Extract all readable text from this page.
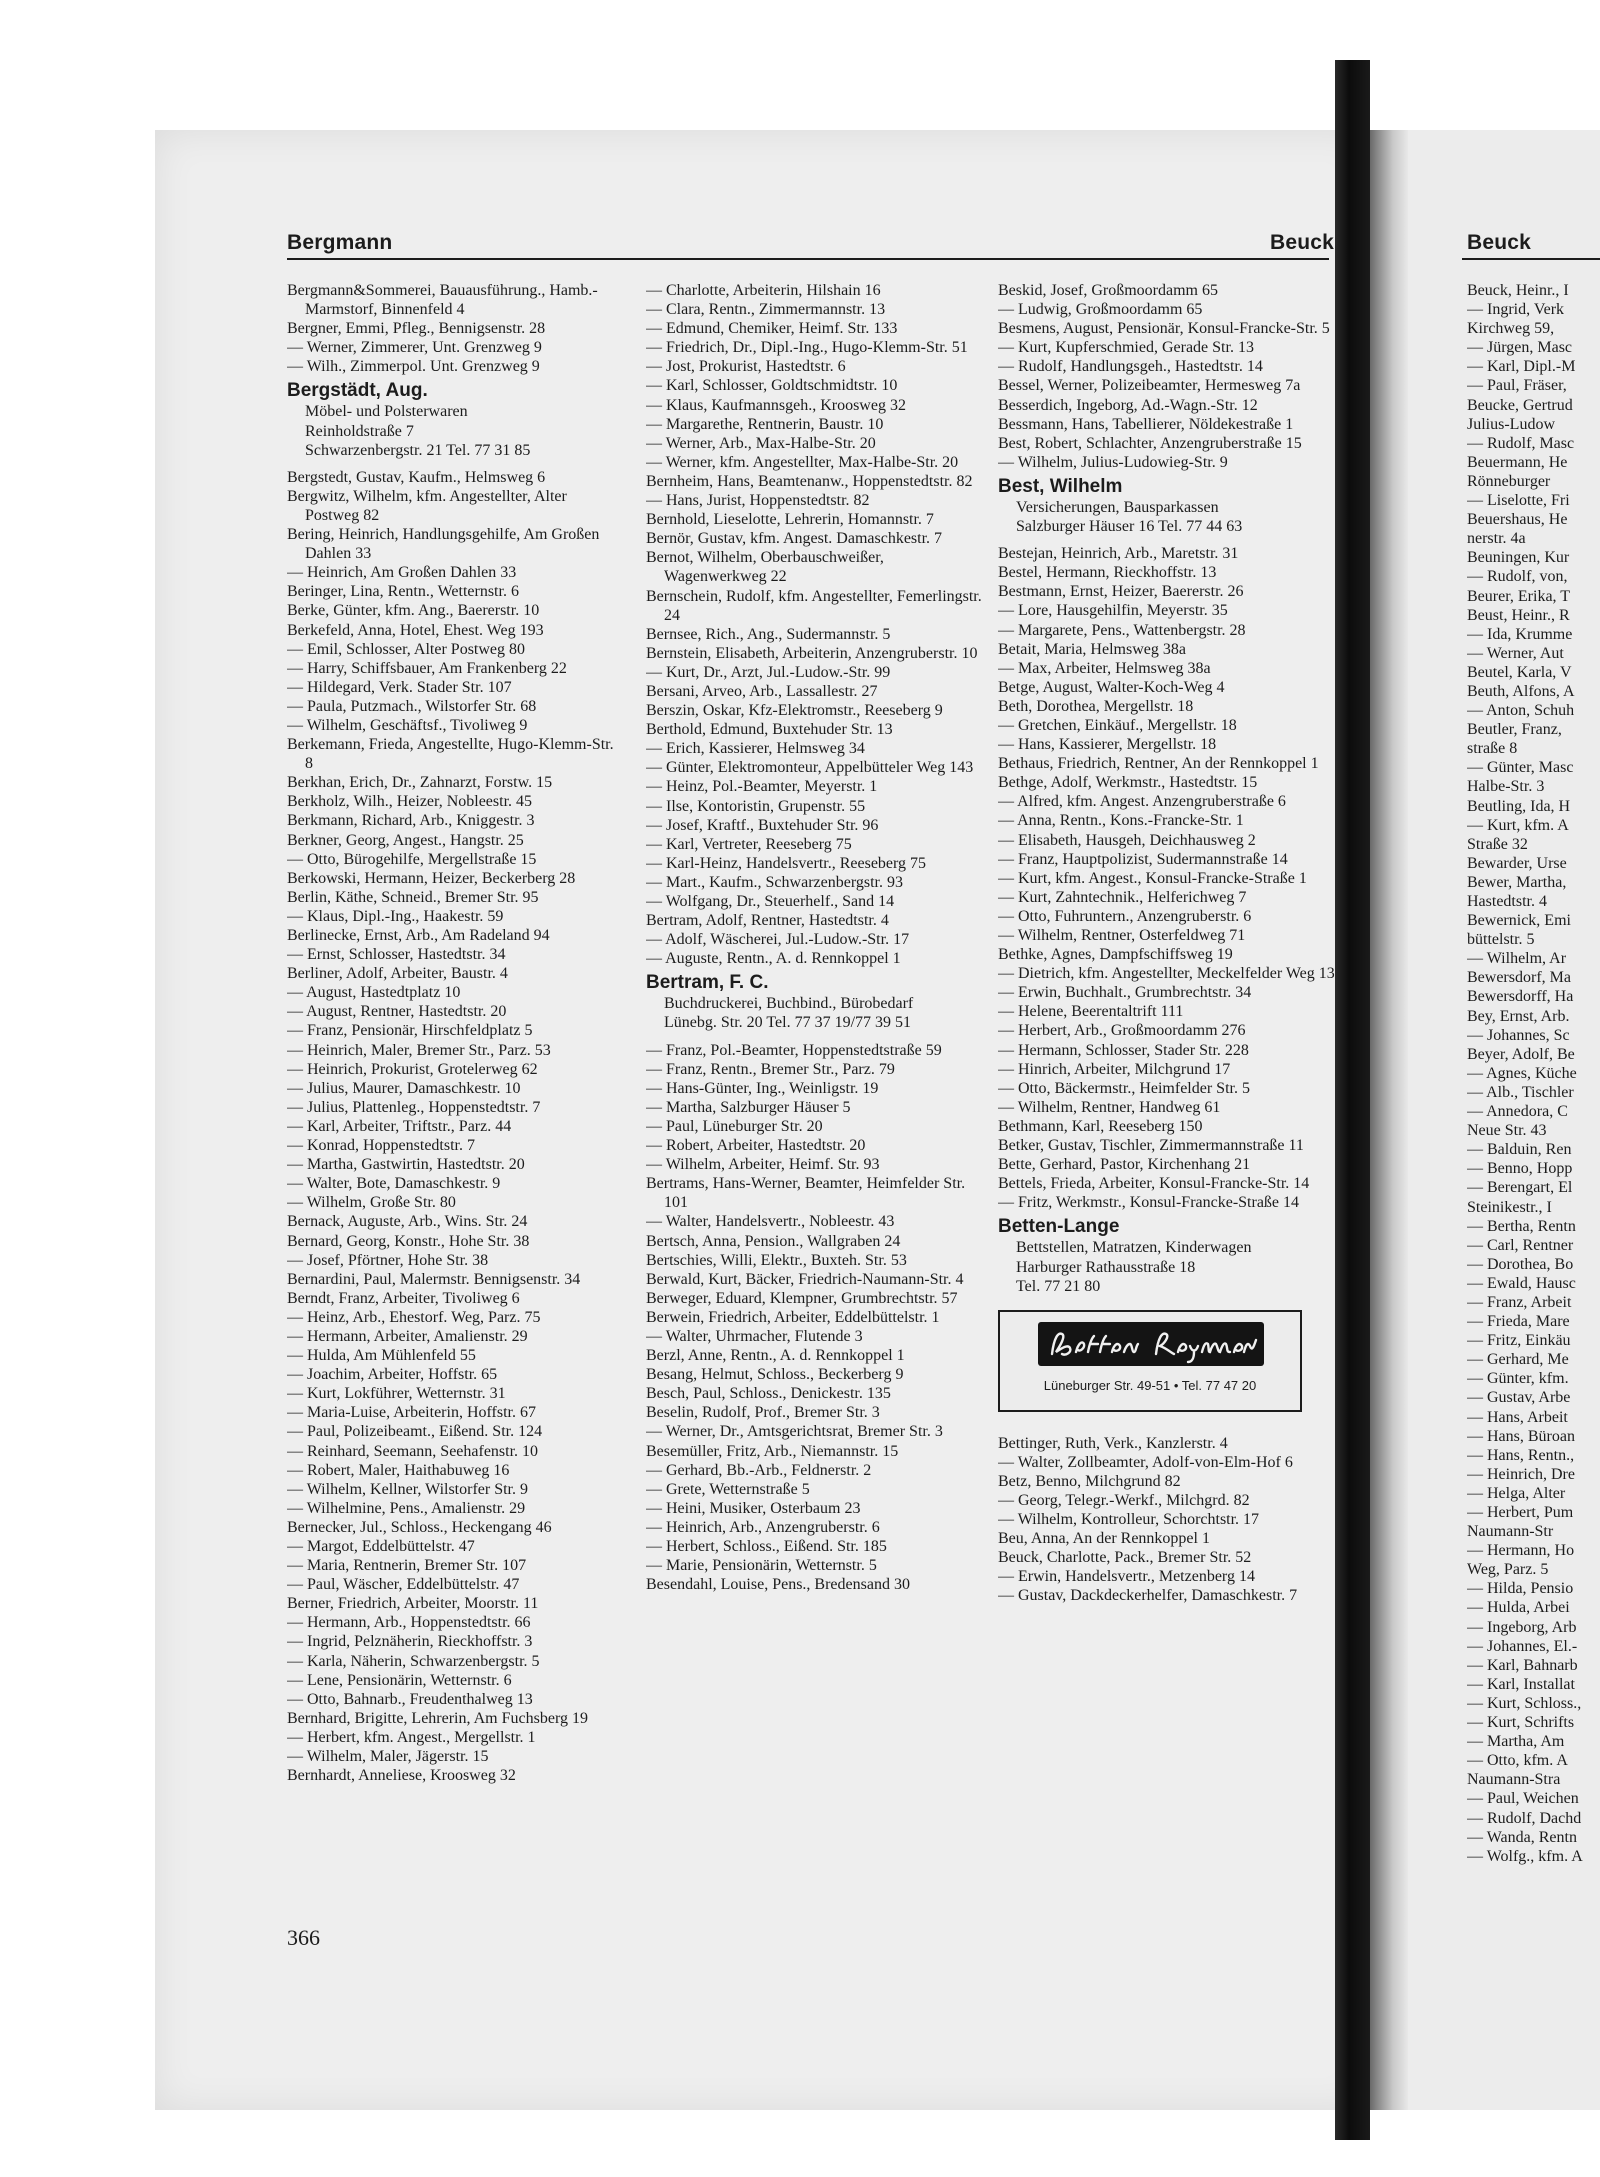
Bergmann	Beuck	Beuck
Bergmann&Sommerei, Bauausführung., Hamb.-Marmstorf, Binnenfeld 4
Bergner, Emmi, Pfleg., Bennigsenstr. 28
— Werner, Zimmerer, Unt. Grenzweg 9
— Wilh., Zimmerpol. Unt. Grenzweg 9
Bergstädt, Aug.
Möbel- und Polsterwaren
Reinholdstraße 7
Schwarzenbergstr. 21 Tel. 77 31 85
Bergstedt, Gustav, Kaufm., Helmsweg 6
Bergwitz, Wilhelm, kfm. Angestellter, Alter Postweg 82
Bering, Heinrich, Handlungsgehilfe, Am Großen Dahlen 33
— Heinrich, Am Großen Dahlen 33
Beringer, Lina, Rentn., Wetternstr. 6
Berke, Günter, kfm. Ang., Baererstr. 10
Berkefeld, Anna, Hotel, Ehest. Weg 193
— Emil, Schlosser, Alter Postweg 80
— Harry, Schiffsbauer, Am Frankenberg 22
— Hildegard, Verk. Stader Str. 107
— Paula, Putzmach., Wilstorfer Str. 68
— Wilhelm, Geschäftsf., Tivoliweg 9
Berkemann, Frieda, Angestellte, Hugo-Klemm-Str. 8
Berkhan, Erich, Dr., Zahnarzt, Forstw. 15
Berkholz, Wilh., Heizer, Nobleestr. 45
Berkmann, Richard, Arb., Kniggestr. 3
Berkner, Georg, Angest., Hangstr. 25
— Otto, Bürogehilfe, Mergellstraße 15
Berkowski, Hermann, Heizer, Beckerberg 28
Berlin, Käthe, Schneid., Bremer Str. 95
— Klaus, Dipl.-Ing., Haakestr. 59
Berlinecke, Ernst, Arb., Am Radeland 94
— Ernst, Schlosser, Hastedtstr. 34
Berliner, Adolf, Arbeiter, Baustr. 4
— August, Hastedtplatz 10
— August, Rentner, Hastedtstr. 20
— Franz, Pensionär, Hirschfeldplatz 5
— Heinrich, Maler, Bremer Str., Parz. 53
— Heinrich, Prokurist, Grotelerweg 62
— Julius, Maurer, Damaschkestr. 10
— Julius, Plattenleg., Hoppenstedtstr. 7
— Karl, Arbeiter, Triftstr., Parz. 44
— Konrad, Hoppenstedtstr. 7
— Martha, Gastwirtin, Hastedtstr. 20
— Walter, Bote, Damaschkestr. 9
— Wilhelm, Große Str. 80
Bernack, Auguste, Arb., Wins. Str. 24
Bernard, Georg, Konstr., Hohe Str. 38
— Josef, Pförtner, Hohe Str. 38
Bernardini, Paul, Malermstr. Bennigsenstr. 34
Berndt, Franz, Arbeiter, Tivoliweg 6
— Heinz, Arb., Ehestorf. Weg, Parz. 75
— Hermann, Arbeiter, Amalienstr. 29
— Hulda, Am Mühlenfeld 55
— Joachim, Arbeiter, Hoffstr. 65
— Kurt, Lokführer, Wetternstr. 31
— Maria-Luise, Arbeiterin, Hoffstr. 67
— Paul, Polizeibeamt., Eißend. Str. 124
— Reinhard, Seemann, Seehafenstr. 10
— Robert, Maler, Haithabuweg 16
— Wilhelm, Kellner, Wilstorfer Str. 9
— Wilhelmine, Pens., Amalienstr. 29
Bernecker, Jul., Schloss., Heckengang 46
— Margot, Eddelbüttelstr. 47
— Maria, Rentnerin, Bremer Str. 107
— Paul, Wäscher, Eddelbüttelstr. 47
Berner, Friedrich, Arbeiter, Moorstr. 11
— Hermann, Arb., Hoppenstedtstr. 66
— Ingrid, Pelznäherin, Rieckhoffstr. 3
— Karla, Näherin, Schwarzenbergstr. 5
— Lene, Pensionärin, Wetternstr. 6
— Otto, Bahnarb., Freudenthalweg 13
Bernhard, Brigitte, Lehrerin, Am Fuchsberg 19
— Herbert, kfm. Angest., Mergellstr. 1
— Wilhelm, Maler, Jägerstr. 15
Bernhardt, Anneliese, Kroosweg 32
— Charlotte, Arbeiterin, Hilshain 16
— Clara, Rentn., Zimmermannstr. 13
— Edmund, Chemiker, Heimf. Str. 133
— Friedrich, Dr., Dipl.-Ing., Hugo-Klemm-Str. 51
— Jost, Prokurist, Hastedtstr. 6
— Karl, Schlosser, Goldtschmidtstr. 10
— Klaus, Kaufmannsgeh., Kroosweg 32
— Margarethe, Rentnerin, Baustr. 10
— Werner, Arb., Max-Halbe-Str. 20
— Werner, kfm. Angestellter, Max-Halbe-Str. 20
Bernheim, Hans, Beamtenanw., Hoppenstedtstr. 82
— Hans, Jurist, Hoppenstedtstr. 82
Bernhold, Lieselotte, Lehrerin, Homannstr. 7
Bernör, Gustav, kfm. Angest. Damaschkestr. 7
Bernot, Wilhelm, Oberbauschweißer, Wagenwerkweg 22
Bernschein, Rudolf, kfm. Angestellter, Femerlingstr. 24
Bernsee, Rich., Ang., Sudermannstr. 5
Bernstein, Elisabeth, Arbeiterin, Anzengruberstr. 10
— Kurt, Dr., Arzt, Jul.-Ludow.-Str. 99
Bersani, Arveo, Arb., Lassallestr. 27
Berszin, Oskar, Kfz-Elektromstr., Reeseberg 9
Berthold, Edmund, Buxtehuder Str. 13
— Erich, Kassierer, Helmsweg 34
— Günter, Elektromonteur, Appelbütteler Weg 143
— Heinz, Pol.-Beamter, Meyerstr. 1
— Ilse, Kontoristin, Grupenstr. 55
— Josef, Kraftf., Buxtehuder Str. 96
— Karl, Vertreter, Reeseberg 75
— Karl-Heinz, Handelsvertr., Reeseberg 75
— Mart., Kaufm., Schwarzenbergstr. 93
— Wolfgang, Dr., Steuerhelf., Sand 14
Bertram, Adolf, Rentner, Hastedtstr. 4
— Adolf, Wäscherei, Jul.-Ludow.-Str. 17
— Auguste, Rentn., A. d. Rennkoppel 1
Bertram, F. C.
Buchdruckerei, Buchbind., Bürobedarf
Lünebg. Str. 20 Tel. 77 37 19/77 39 51
— Franz, Pol.-Beamter, Hoppenstedtstraße 59
— Franz, Rentn., Bremer Str., Parz. 79
— Hans-Günter, Ing., Weinligstr. 19
— Martha, Salzburger Häuser 5
— Paul, Lüneburger Str. 20
— Robert, Arbeiter, Hastedtstr. 20
— Wilhelm, Arbeiter, Heimf. Str. 93
Bertrams, Hans-Werner, Beamter, Heimfelder Str. 101
— Walter, Handelsvertr., Nobleestr. 43
Bertsch, Anna, Pension., Wallgraben 24
Bertschies, Willi, Elektr., Buxteh. Str. 53
Berwald, Kurt, Bäcker, Friedrich-Naumann-Str. 4
Berweger, Eduard, Klempner, Grumbrechtstr. 57
Berwein, Friedrich, Arbeiter, Eddelbüttelstr. 1
— Walter, Uhrmacher, Flutende 3
Berzl, Anne, Rentn., A. d. Rennkoppel 1
Besang, Helmut, Schloss., Beckerberg 9
Besch, Paul, Schloss., Denickestr. 135
Beselin, Rudolf, Prof., Bremer Str. 3
— Werner, Dr., Amtsgerichtsrat, Bremer Str. 3
Besemüller, Fritz, Arb., Niemannstr. 15
— Gerhard, Bb.-Arb., Feldnerstr. 2
— Grete, Wetternstraße 5
— Heini, Musiker, Osterbaum 23
— Heinrich, Arb., Anzengruberstr. 6
— Herbert, Schloss., Eißend. Str. 185
— Marie, Pensionärin, Wetternstr. 5
Besendahl, Louise, Pens., Bredensand 30
Beskid, Josef, Großmoordamm 65
— Ludwig, Großmoordamm 65
Besmens, August, Pensionär, Konsul-Francke-Str. 5
— Kurt, Kupferschmied, Gerade Str. 13
— Rudolf, Handlungsgeh., Hastedtstr. 14
Bessel, Werner, Polizeibeamter, Hermesweg 7a
Besserdich, Ingeborg, Ad.-Wagn.-Str. 12
Bessmann, Hans, Tabellierer, Nöldekestraße 1
Best, Robert, Schlachter, Anzengruberstraße 15
— Wilhelm, Julius-Ludowieg-Str. 9
Best, Wilhelm
Versicherungen, Bausparkassen
Salzburger Häuser 16 Tel. 77 44 63
Bestejan, Heinrich, Arb., Maretstr. 31
Bestel, Hermann, Rieckhoffstr. 13
Bestmann, Ernst, Heizer, Baererstr. 26
— Lore, Hausgehilfin, Meyerstr. 35
— Margarete, Pens., Wattenbergstr. 28
Betait, Maria, Helmsweg 38a
— Max, Arbeiter, Helmsweg 38a
Betge, August, Walter-Koch-Weg 4
Beth, Dorothea, Mergellstr. 18
— Gretchen, Einkäuf., Mergellstr. 18
— Hans, Kassierer, Mergellstr. 18
Bethaus, Friedrich, Rentner, An der Rennkoppel 1
Bethge, Adolf, Werkmstr., Hastedtstr. 15
— Alfred, kfm. Angest. Anzengruberstraße 6
— Anna, Rentn., Kons.-Francke-Str. 1
— Elisabeth, Hausgeh, Deichhausweg 2
— Franz, Hauptpolizist, Sudermannstraße 14
— Kurt, kfm. Angest., Konsul-Francke-Straße 1
— Kurt, Zahntechnik., Helferichweg 7
— Otto, Fuhruntern., Anzengruberstr. 6
— Wilhelm, Rentner, Osterfeldweg 71
Bethke, Agnes, Dampfschiffsweg 19
— Dietrich, kfm. Angestellter, Meckelfelder Weg 13
— Erwin, Buchhalt., Grumbrechtstr. 34
— Helene, Beerentaltrift 111
— Herbert, Arb., Großmoordamm 276
— Hermann, Schlosser, Stader Str. 228
— Hinrich, Arbeiter, Milchgrund 17
— Otto, Bäckermstr., Heimfelder Str. 5
— Wilhelm, Rentner, Handweg 61
Bethmann, Karl, Reeseberg 150
Betker, Gustav, Tischler, Zimmermannstraße 11
Bette, Gerhard, Pastor, Kirchenhang 21
Bettels, Frieda, Arbeiter, Konsul-Francke-Str. 14
— Fritz, Werkmstr., Konsul-Francke-Straße 14
Betten-Lange
Bettstellen, Matratzen, Kinderwagen
Harburger Rathausstraße 18
Tel. 77 21 80
Lüneburger Str. 49-51 • Tel. 77 47 20
Bettinger, Ruth, Verk., Kanzlerstr. 4
— Walter, Zollbeamter, Adolf-von-Elm-Hof 6
Betz, Benno, Milchgrund 82
— Georg, Telegr.-Werkf., Milchgrd. 82
— Wilhelm, Kontrolleur, Schorchtstr. 17
Beu, Anna, An der Rennkoppel 1
Beuck, Charlotte, Pack., Bremer Str. 52
— Erwin, Handelsvertr., Metzenberg 14
— Gustav, Dackdeckerhelfer, Damaschkestr. 7
Beuck, Heinr., I
— Ingrid, Verk
Kirchweg 59,
— Jürgen, Masc
— Karl, Dipl.-M
— Paul, Fräser,
Beucke, Gertrud
Julius-Ludow
— Rudolf, Masc
Beuermann, He
Rönneburger
— Liselotte, Fri
Beuershaus, He
nerstr. 4a
Beuningen, Kur
— Rudolf, von,
Beurer, Erika, T
Beust, Heinr., R
— Ida, Krumme
— Werner, Aut
Beutel, Karla, V
Beuth, Alfons, A
— Anton, Schuh
Beutler, Franz,
straße 8
— Günter, Masc
Halbe-Str. 3
Beutling, Ida, H
— Kurt, kfm. A
Straße 32
Bewarder, Urse
Bewer, Martha,
Hastedtstr. 4
Bewernick, Emi
büttelstr. 5
— Wilhelm, Ar
Bewersdorf, Ma
Bewersdorff, Ha
Bey, Ernst, Arb.
— Johannes, Sc
Beyer, Adolf, Be
— Agnes, Küche
— Alb., Tischler
— Annedora, C
Neue Str. 43
— Balduin, Ren
— Benno, Hopp
— Berengart, El
Steinikestr., I
— Bertha, Rentn
— Carl, Rentner
— Dorothea, Bo
— Ewald, Hausc
— Franz, Arbeit
— Frieda, Mare
— Fritz, Einkäu
— Gerhard, Me
— Günter, kfm.
— Gustav, Arbe
— Hans, Arbeit
— Hans, Büroan
— Hans, Rentn.,
— Heinrich, Dre
— Helga, Alter
— Herbert, Pum
Naumann-Str
— Hermann, Ho
Weg, Parz. 5
— Hilda, Pensio
— Hulda, Arbei
— Ingeborg, Arb
— Johannes, El.-
— Karl, Bahnarb
— Karl, Installat
— Kurt, Schloss.,
— Kurt, Schrifts
— Martha, Am
— Otto, kfm. A
Naumann-Stra
— Paul, Weichen
— Rudolf, Dachd
— Wanda, Rentn
— Wolfg., kfm. A
366
